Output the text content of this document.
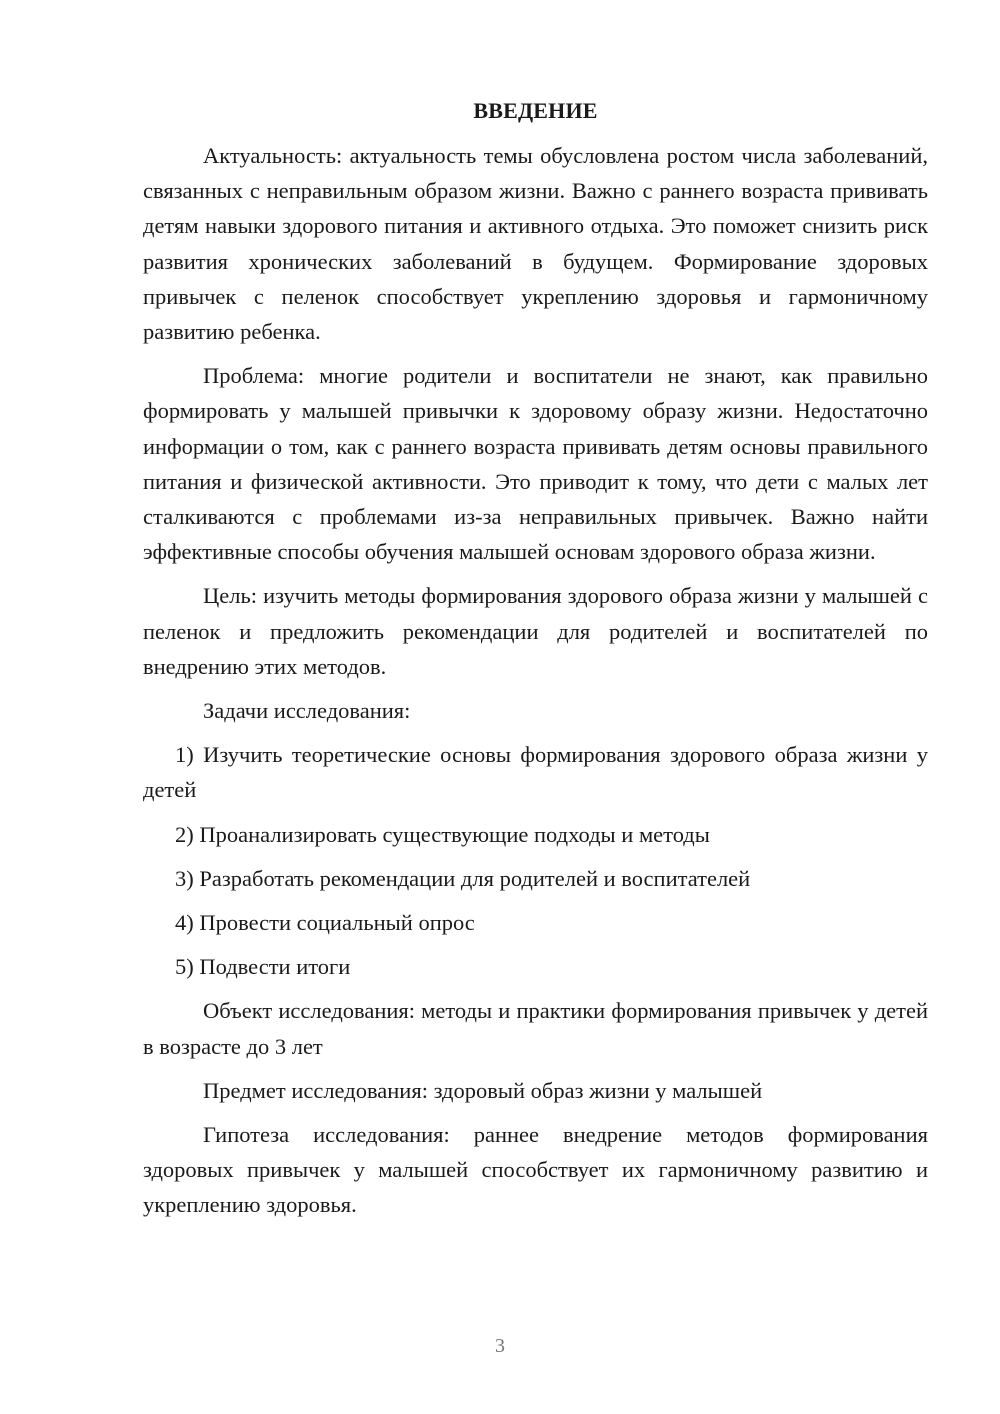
ВВЕДЕНИЕ

Актуальность: актуальность темы обусловлена ростом числа заболеваний, связанных с неправильным образом жизни. Важно с раннего возраста прививать детям навыки здорового питания и активного отдыха. Это поможет снизить риск развития хронических заболеваний в будущем. Формирование здоровых привычек с пеленок способствует укреплению здоровья и гармоничному развитию ребенка.

Проблема: многие родители и воспитатели не знают, как правильно формировать у малышей привычки к здоровому образу жизни. Недостаточно информации о том, как с раннего возраста прививать детям основы правильного питания и физической активности. Это приводит к тому, что дети с малых лет сталкиваются с проблемами из-за неправильных привычек. Важно найти эффективные способы обучения малышей основам здорового образа жизни.

Цель: изучить методы формирования здорового образа жизни у малышей с пеленок и предложить рекомендации для родителей и воспитателей по внедрению этих методов.

Задачи исследования:

1) Изучить теоретические основы формирования здорового образа жизни у детей

2) Проанализировать существующие подходы и методы

3) Разработать рекомендации для родителей и воспитателей

4) Провести социальный опрос

5) Подвести итоги

Объект исследования: методы и практики формирования привычек у детей в возрасте до 3 лет

Предмет исследования: здоровый образ жизни у малышей

Гипотеза исследования: раннее внедрение методов формирования здоровых привычек у малышей способствует их гармоничному развитию и укреплению здоровья.

3
